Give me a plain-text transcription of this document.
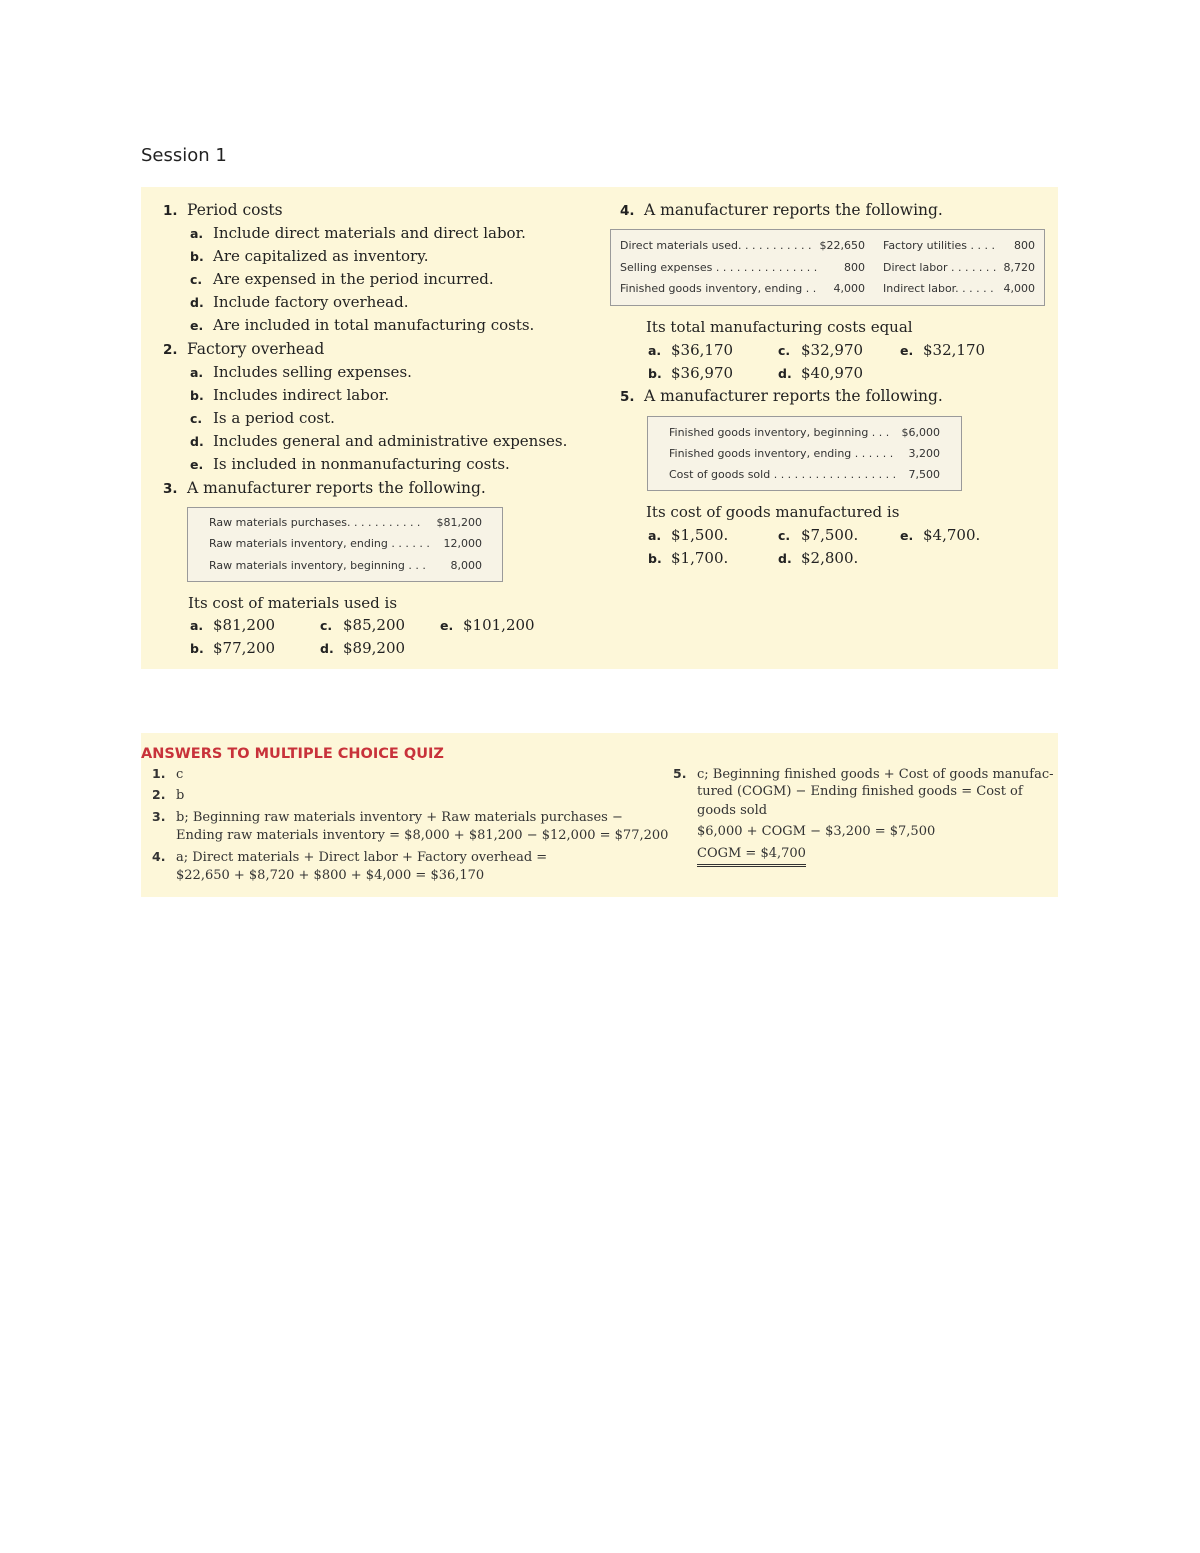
Session 1
1. Period costs
a. Include direct materials and direct labor.
b. Are capitalized as inventory.
c. Are expensed in the period incurred.
d. Include factory overhead.
e. Are included in total manufacturing costs.
2. Factory overhead
a. Includes selling expenses.
b. Includes indirect labor.
c. Is a period cost.
d. Includes general and administrative expenses.
e. Is included in nonmanufacturing costs.
3. A manufacturer reports the following.
Raw materials purchases. . . . . . . . . . .	$81,200
Raw materials inventory, ending . . . . . .	12,000
Raw materials inventory, beginning . . .	8,000
Its cost of materials used is
a. $81,200	c. $85,200	e. $101,200
b. $77,200	d. $89,200
4. A manufacturer reports the following.
Direct materials used. . . . . . . . . . . $22,650 Factory utilities . . . .	800
Selling expenses . . . . . . . . . . . . . . .	800 Direct labor . . . . . . . 8,720
Finished goods inventory, ending . .	4,000 Indirect labor. . . . . . 4,000
Its total manufacturing costs equal
a. $36,170	c. $32,970	e. $32,170
b. $36,970	d. $40,970
5. A manufacturer reports the following.
Finished goods inventory, beginning . . .	$6,000
Finished goods inventory, ending . . . . . .	3,200
Cost of goods sold . . . . . . . . . . . . . . . . . .	7,500
Its cost of goods manufactured is
a. $1,500.	c. $7,500.	e. $4,700.
b. $1,700.	d. $2,800.
ANSWERS TO MULTIPLE CHOICE QUIZ
1. c
2. b
3. b; Beginning raw materials inventory + Raw materials purchases −
Ending raw materials inventory = $8,000 + $81,200 − $12,000 = $77,200
4. a; Direct materials + Direct labor + Factory overhead =
$22,650 + $8,720 + $800 + $4,000 = $36,170
5. c; Beginning finished goods + Cost of goods manufac-
tured (COGM) − Ending finished goods = Cost of
goods sold
$6,000 + COGM − $3,200 = $7,500
COGM = $4,700
